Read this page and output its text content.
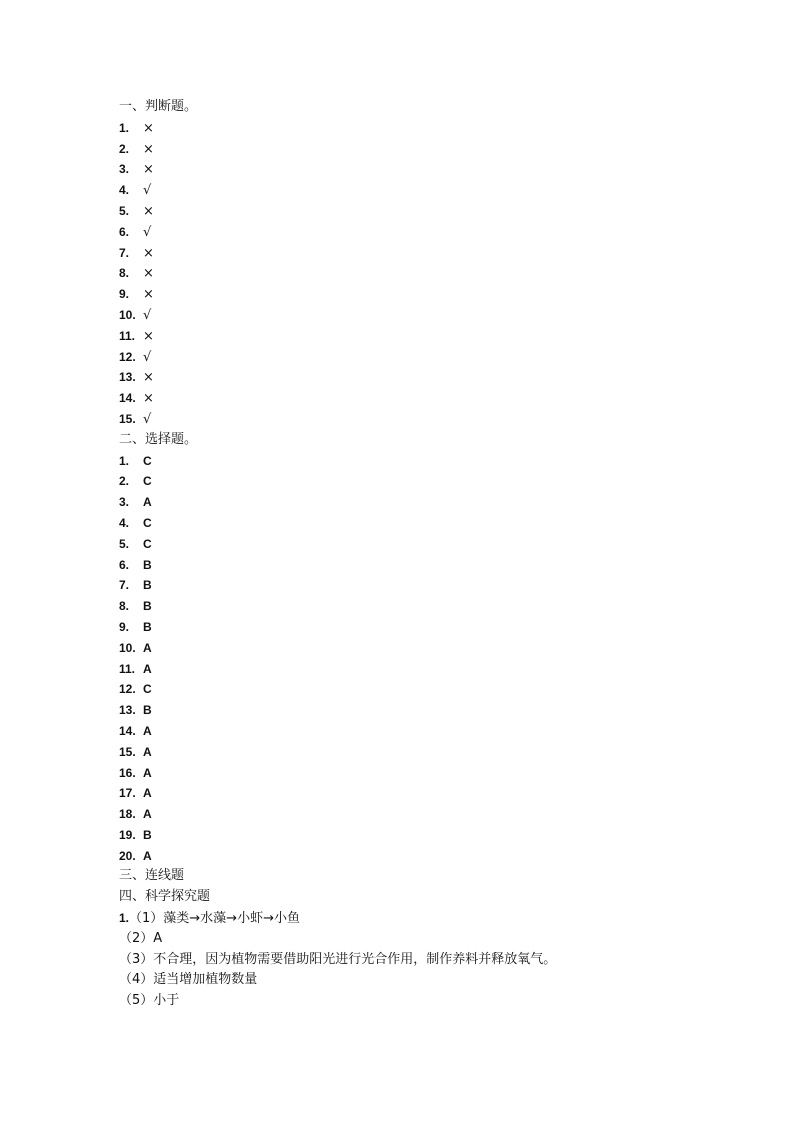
一、判断题。
1. ×
2. ×
3. ×
4. √
5. ×
6. √
7. ×
8. ×
9. ×
10. √
11. ×
12. √
13. ×
14. ×
15. √
二、选择题。
1. C
2. C
3. A
4. C
5. C
6. B
7. B
8. B
9. B
10. A
11. A
12. C
13. B
14. A
15. A
16. A
17. A
18. A
19. B
20. A
三、连线题
四、科学探究题
1.（1）藻类→水藻→小虾→小鱼
（2）A
（3）不合理，因为植物需要借助阳光进行光合作用，制作养料并释放氧气。
（4）适当增加植物数量
（5）小于
